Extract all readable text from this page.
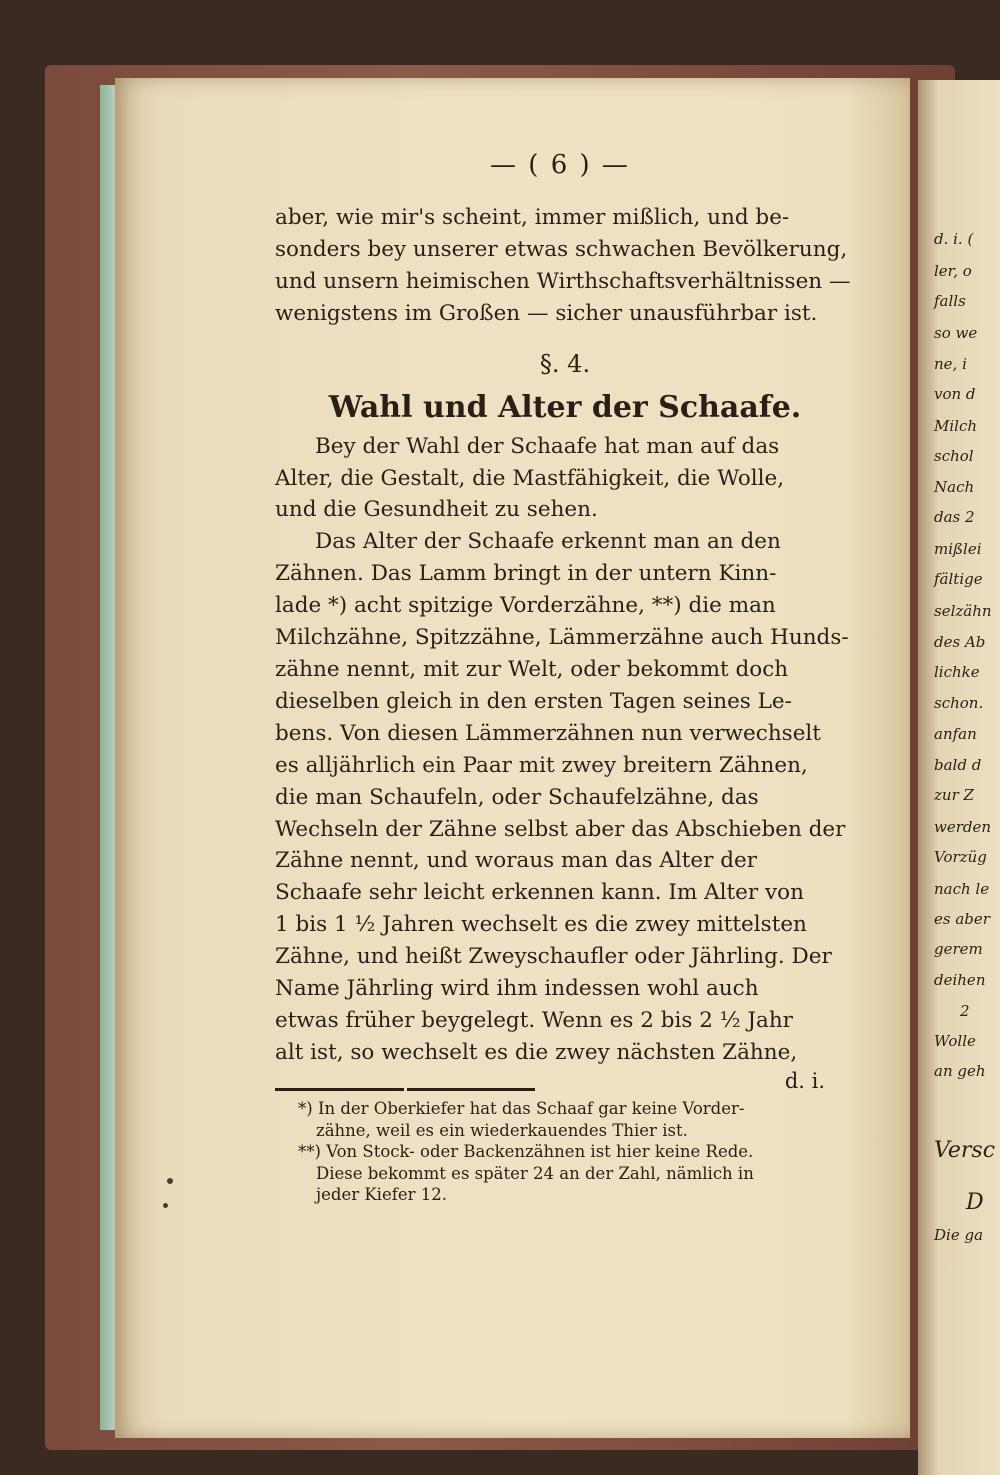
d. i. (
ler, o
falls
so we
ne, i
von d
Milch
schol
Nach
das 2
mißlei
fältige
selzähn
des Ab
lichke
schon.
anfan
bald d
zur Z
werden
Vorzüg
nach le
es aber
gerem
deihen
2
Wolle
an geh
Versc
D
Die ga
— ( 6 ) —

aber, wie mir's scheint, immer mißlich, und be-

sonders bey unserer etwas schwachen Bevölkerung,

und unsern heimischen Wirthschaftsverhältnissen —

wenigstens im Großen — sicher unausführbar ist.

§. 4.
Wahl und Alter der Schaafe.

Bey der Wahl der Schaafe hat man auf das

Alter, die Gestalt, die Mastfähigkeit, die Wolle,

und die Gesundheit zu sehen.

Das Alter der Schaafe erkennt man an den

Zähnen. Das Lamm bringt in der untern Kinn-

lade *) acht spitzige Vorderzähne, **) die man

Milchzähne, Spitzzähne, Lämmerzähne auch Hunds-

zähne nennt, mit zur Welt, oder bekommt doch

dieselben gleich in den ersten Tagen seines Le-

bens. Von diesen Lämmerzähnen nun verwechselt

es alljährlich ein Paar mit zwey breitern Zähnen,

die man Schaufeln, oder Schaufelzähne, das

Wechseln der Zähne selbst aber das Abschieben der

Zähne nennt, und woraus man das Alter der

Schaafe sehr leicht erkennen kann. Im Alter von

1 bis 1 ½ Jahren wechselt es die zwey mittelsten

Zähne, und heißt Zweyschaufler oder Jährling. Der

Name Jährling wird ihm indessen wohl auch

etwas früher beygelegt. Wenn es 2 bis 2 ½ Jahr

alt ist, so wechselt es die zwey nächsten Zähne,

d. i.

*) In der Oberkiefer hat das Schaaf gar keine Vorder-
zähne, weil es ein wiederkauendes Thier ist.

**) Von Stock- oder Backenzähnen ist hier keine Rede.
Diese bekommt es später 24 an der Zahl, nämlich in
jeder Kiefer 12.
